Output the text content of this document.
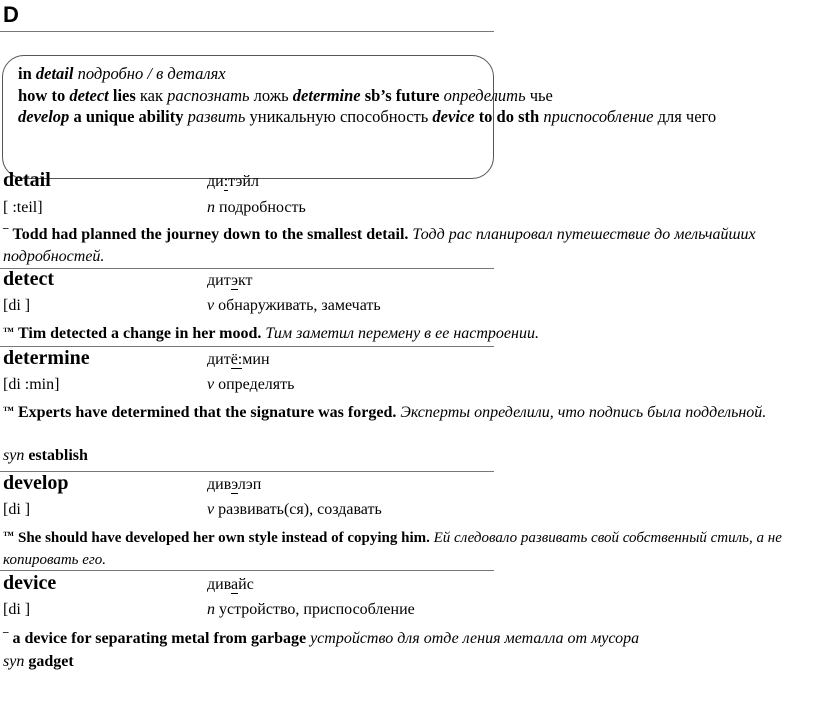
D
in detail подробно / в деталях
how to detect lies как распознать ложь determine sb’s future определить чье
develop a unique ability развить уникальную способность device to do sth приспособление для чего
detail	ди:тэйл
[ :teil]	n подробность
¯ Todd had planned the journey down to the smallest detail. Тодд рас планировал путешествие до мельчайших подробностей.
detect	дитэкт
[di ]	v обнаруживать, замечать
™ Tim detected a change in her mood. Тим заметил перемену в ее настроении.
determine	дитё:мин
[di :min]	v определять
™ Experts have determined that the signature was forged. Эксперты определили, что подпись была поддельной.
syn establish
develop	дивэлэп
[di ]	v развивать(ся), создавать
™ She should have developed her own style instead of copying him. Ей следовало развивать свой собственный стиль, а не копировать его.
device	дивайс
[di ]	n устройство, приспособление
¯ a device for separating metal from garbage устройство для отде ления металла от мусора
syn gadget
